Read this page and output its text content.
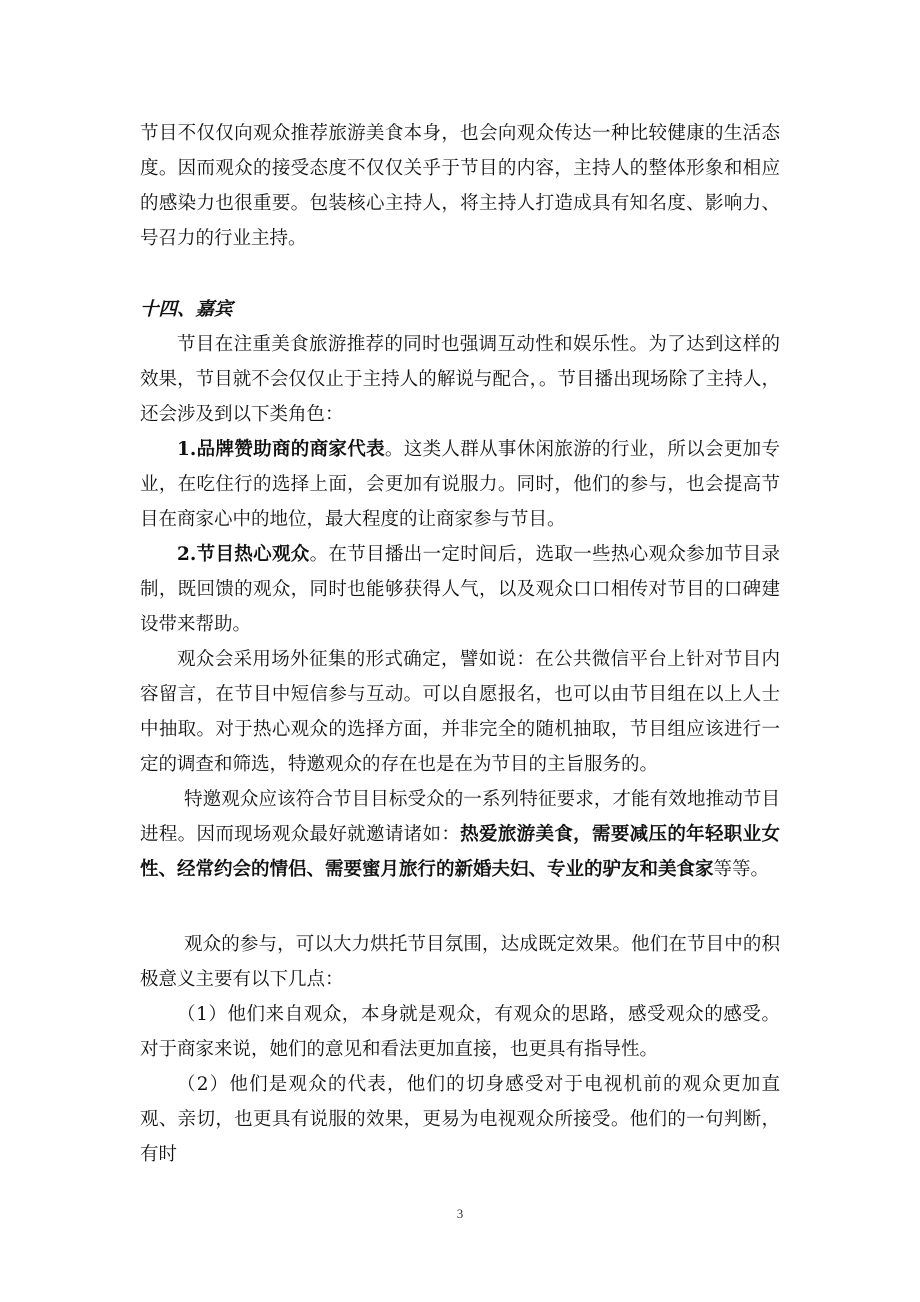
节目不仅仅向观众推荐旅游美食本身，也会向观众传达一种比较健康的生活态度。因而观众的接受态度不仅仅关乎于节目的内容，主持人的整体形象和相应的感染力也很重要。包装核心主持人，将主持人打造成具有知名度、影响力、号召力的行业主持。

十四、嘉宾

节目在注重美食旅游推荐的同时也强调互动性和娱乐性。为了达到这样的效果，节目就不会仅仅止于主持人的解说与配合，。节目播出现场除了主持人，还会涉及到以下类角色：

1.品牌赞助商的商家代表。这类人群从事休闲旅游的行业，所以会更加专业，在吃住行的选择上面，会更加有说服力。同时，他们的参与，也会提高节目在商家心中的地位，最大程度的让商家参与节目。

2.节目热心观众。在节目播出一定时间后，选取一些热心观众参加节目录制，既回馈的观众，同时也能够获得人气，以及观众口口相传对节目的口碑建设带来帮助。

观众会采用场外征集的形式确定，譬如说：在公共微信平台上针对节目内容留言，在节目中短信参与互动。可以自愿报名，也可以由节目组在以上人士中抽取。对于热心观众的选择方面，并非完全的随机抽取，节目组应该进行一定的调查和筛选，特邀观众的存在也是在为节目的主旨服务的。

特邀观众应该符合节目目标受众的一系列特征要求，才能有效地推动节目进程。因而现场观众最好就邀请诸如：热爱旅游美食，需要减压的年轻职业女性、经常约会的情侣、需要蜜月旅行的新婚夫妇、专业的驴友和美食家等等。

观众的参与，可以大力烘托节目氛围，达成既定效果。他们在节目中的积极意义主要有以下几点：

（1）他们来自观众，本身就是观众，有观众的思路，感受观众的感受。对于商家来说，她们的意见和看法更加直接，也更具有指导性。

（2）他们是观众的代表，他们的切身感受对于电视机前的观众更加直观、亲切，也更具有说服的效果，更易为电视观众所接受。他们的一句判断，有时

3
